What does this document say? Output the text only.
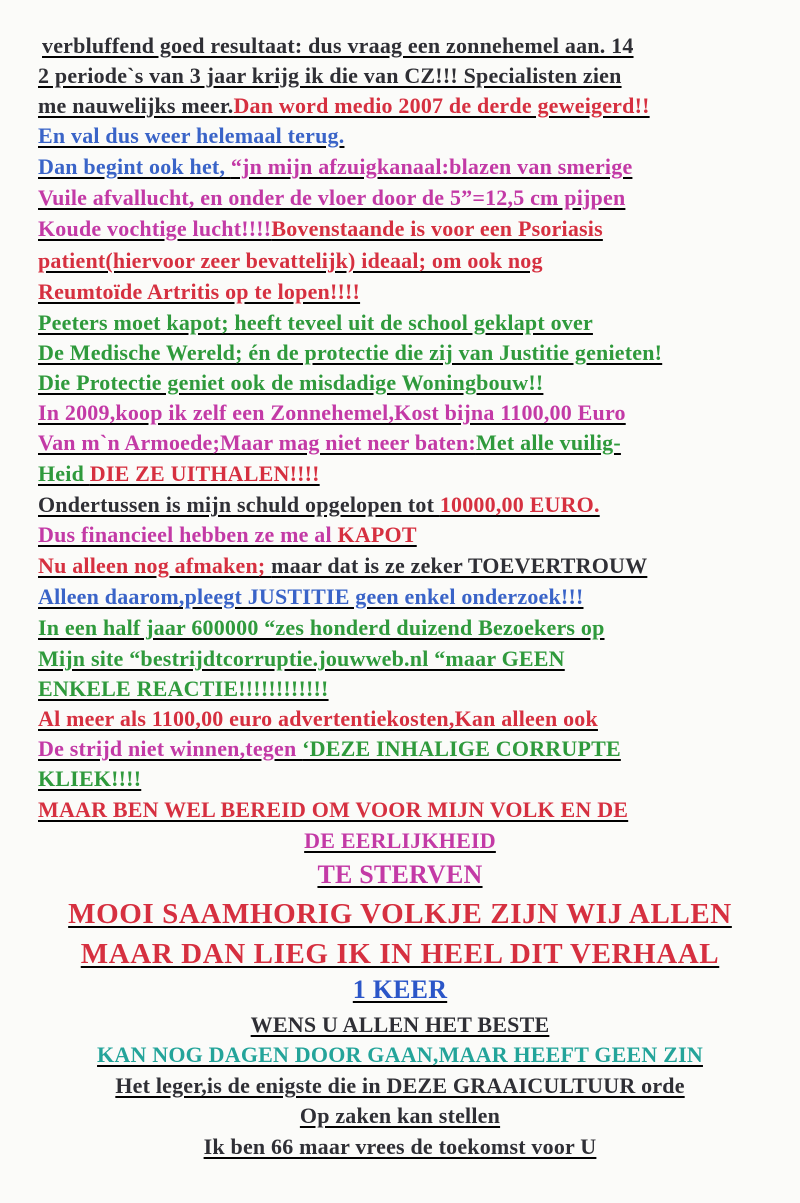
verbluffend goed resultaat: dus vraag een zonnehemel aan. 14
2 periode`s van 3 jaar krijg ik die van CZ!!! Specialisten zien
me nauwelijks meer.Dan word medio 2007 de derde geweigerd!!
En val dus weer helemaal terug.
Dan begint ook het, “jn mijn afzuigkanaal:blazen van smerige
Vuile afvallucht, en onder de vloer door de 5”=12,5 cm pijpen
Koude vochtige lucht!!!!Bovenstaande is voor een Psoriasis
patient(hiervoor zeer bevattelijk) ideaal; om ook nog
Reumtoïde Artritis op te lopen!!!!
Peeters moet kapot; heeft teveel uit de school geklapt over
De Medische Wereld; én de protectie die zij van Justitie genieten!
Die Protectie geniet ook de misdadige Woningbouw!!
In 2009,koop ik zelf een Zonnehemel,Kost bijna 1100,00 Euro
Van m`n Armoede;Maar mag niet neer baten:Met alle vuilig-
Heid DIE ZE UITHALEN!!!!
Ondertussen is mijn schuld opgelopen tot 10000,00 EURO.
Dus financieel hebben ze me al KAPOT
Nu alleen nog afmaken; maar dat is ze zeker TOEVERTROUW
Alleen daarom,pleegt JUSTITIE geen enkel onderzoek!!!
In een half jaar 600000 “zes honderd duizend Bezoekers op
Mijn site “bestrijdtcorruptie.jouwweb.nl “maar GEEN
ENKELE REACTIE!!!!!!!!!!!!
Al meer als 1100,00 euro advertentiekosten,Kan alleen ook
De strijd niet winnen,tegen ‘DEZE INHALIGE CORRUPTE
KLIEK!!!!
MAAR BEN WEL BEREID OM VOOR MIJN VOLK EN DE
DE EERLIJKHEID
TE STERVEN
MOOI SAAMHORIG VOLKJE ZIJN WIJ ALLEN
MAAR DAN LIEG IK IN HEEL DIT VERHAAL
1 KEER
WENS U ALLEN HET BESTE
KAN NOG DAGEN DOOR GAAN,MAAR HEEFT GEEN ZIN
Het leger,is de enigste die in DEZE GRAAICULTUUR orde
Op zaken kan stellen
Ik ben 66 maar vrees de toekomst voor U
